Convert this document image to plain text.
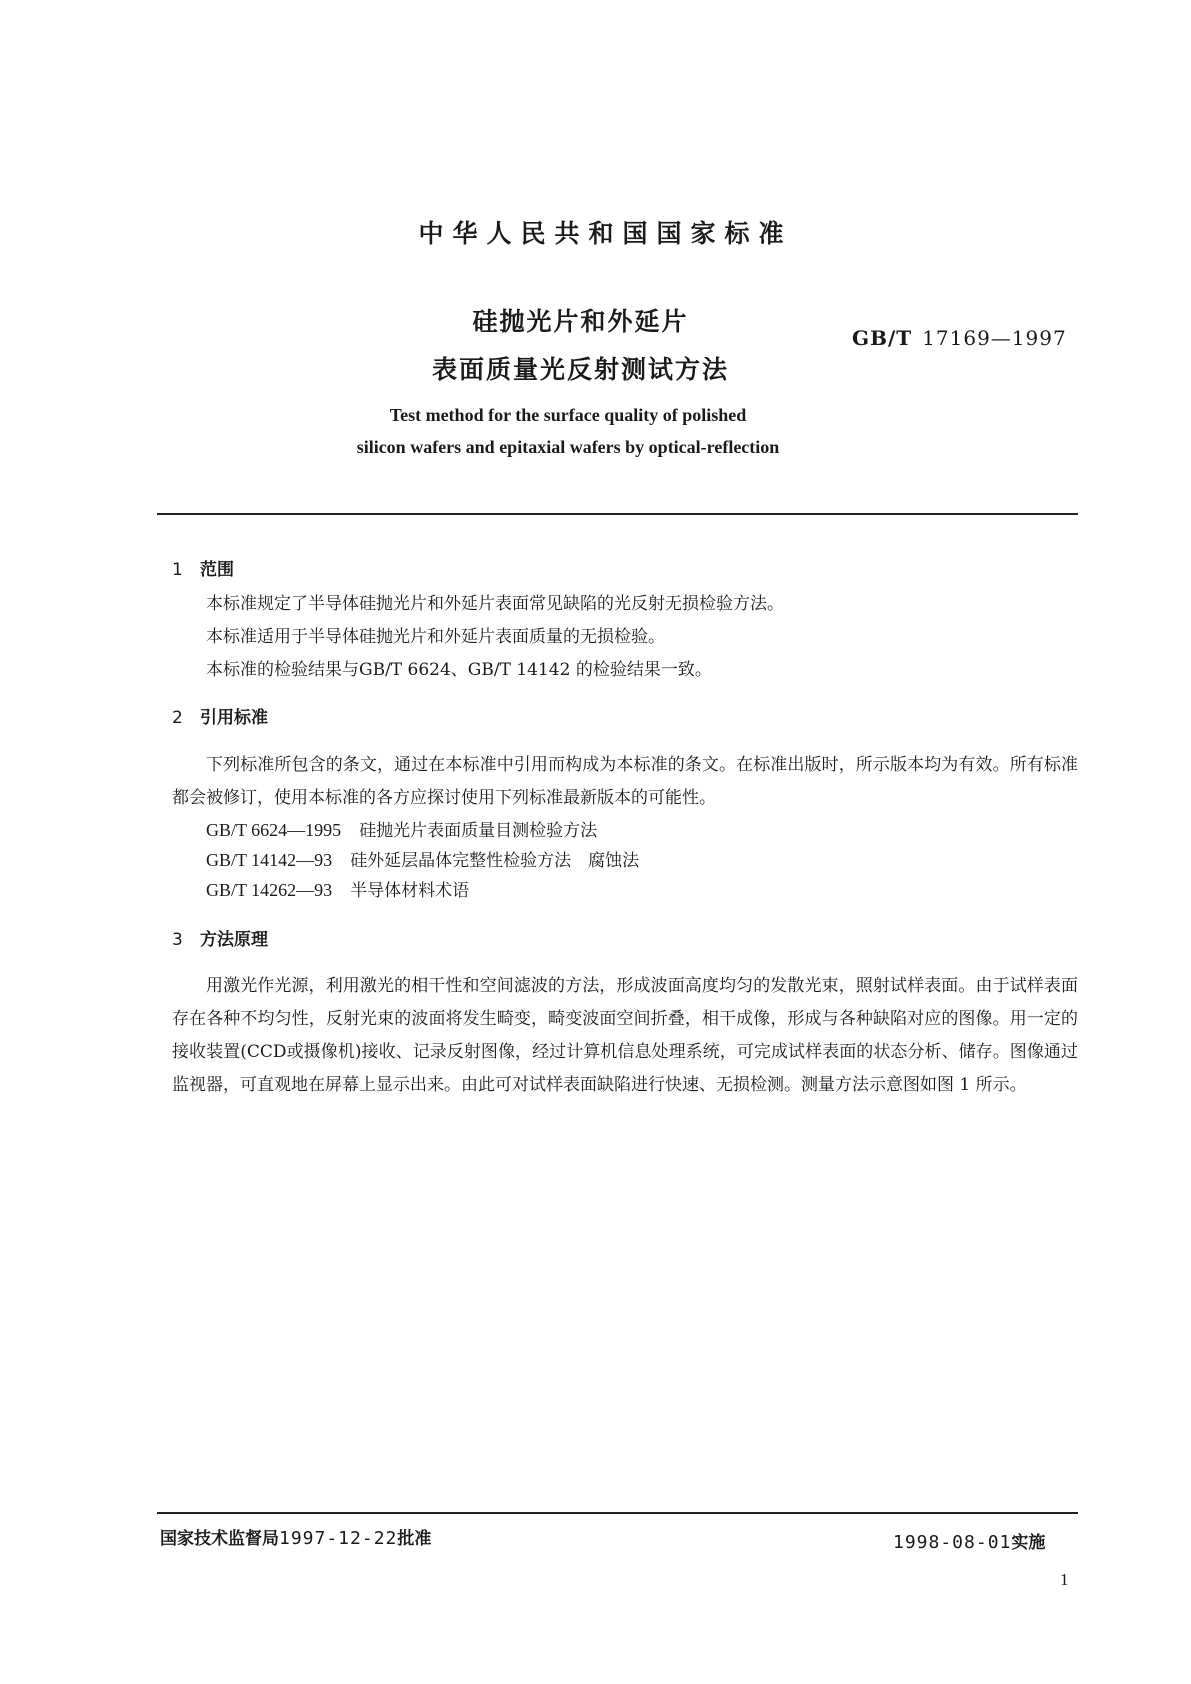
中华人民共和国国家标准
硅抛光片和外延片
表面质量光反射测试方法
GB/T 17169—1997
Test method for the surface quality of polished
silicon wafers and epitaxial wafers by optical-reflection
1 范围
本标准规定了半导体硅抛光片和外延片表面常见缺陷的光反射无损检验方法。
本标准适用于半导体硅抛光片和外延片表面质量的无损检验。
本标准的检验结果与GB/T 6624、GB/T 14142 的检验结果一致。
2 引用标准
下列标准所包含的条文，通过在本标准中引用而构成为本标准的条文。在标准出版时，所示版本均为有效。所有标准都会被修订，使用本标准的各方应探讨使用下列标准最新版本的可能性。
GB/T 6624—1995 硅抛光片表面质量目测检验方法
GB/T 14142—93 硅外延层晶体完整性检验方法　腐蚀法
GB/T 14262—93 半导体材料术语
3 方法原理
用激光作光源，利用激光的相干性和空间滤波的方法，形成波面高度均匀的发散光束，照射试样表面。由于试样表面存在各种不均匀性，反射光束的波面将发生畸变，畸变波面空间折叠，相干成像，形成与各种缺陷对应的图像。用一定的接收装置(CCD或摄像机)接收、记录反射图像，经过计算机信息处理系统，可完成试样表面的状态分析、储存。图像通过监视器，可直观地在屏幕上显示出来。由此可对试样表面缺陷进行快速、无损检测。测量方法示意图如图 1 所示。
国家技术监督局1997-12-22批准	1998-08-01实施
1
